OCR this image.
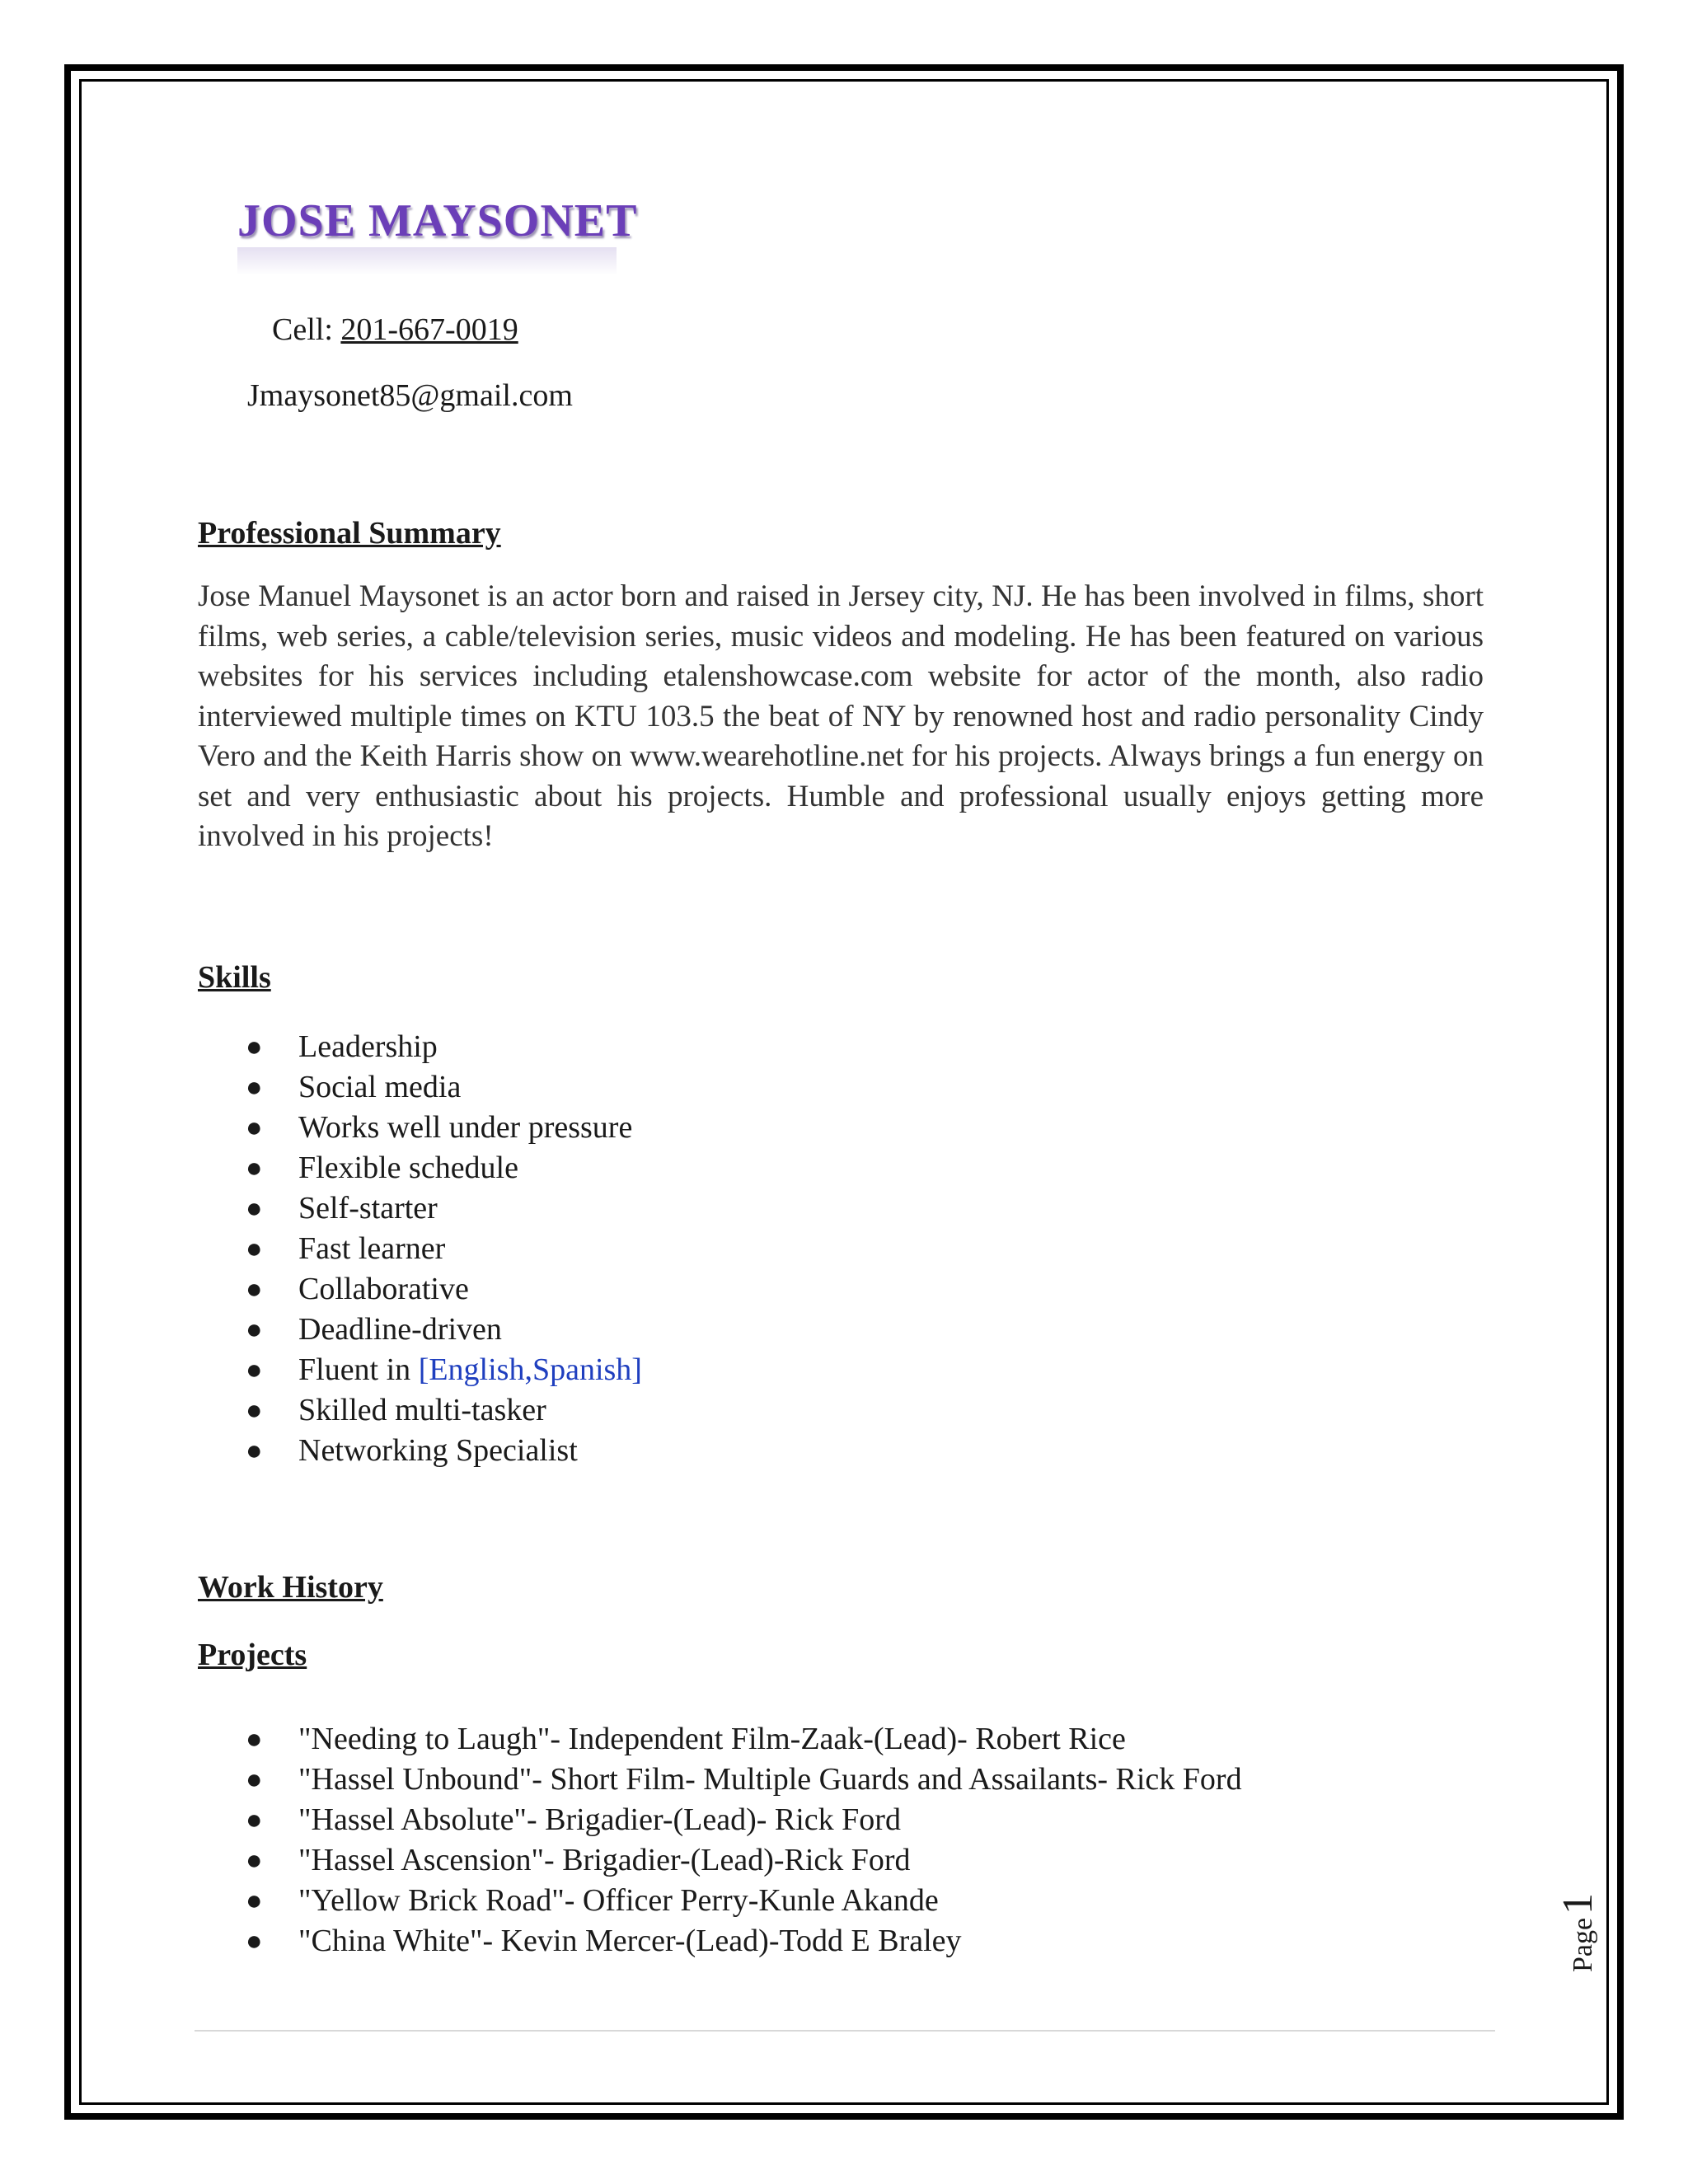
JOSE MAYSONET
Cell: 201-667-0019
Jmaysonet85@gmail.com
Professional Summary
Jose Manuel Maysonet is an actor born and raised in Jersey city, NJ. He has been involved in films, short films, web series, a cable/television series, music videos and modeling. He has been featured on various websites for his services including etalenshowcase.com website for actor of the month, also radio interviewed multiple times on KTU 103.5 the beat of NY by renowned host and radio personality Cindy Vero and the Keith Harris show on www.wearehotline.net for his projects. Always brings a fun energy on set and very enthusiastic about his projects. Humble and professional usually enjoys getting more involved in his projects!
Skills
● Leadership
● Social media
● Works well under pressure
● Flexible schedule
● Self-starter
● Fast learner
● Collaborative
● Deadline-driven
● Fluent in [English,Spanish]
● Skilled multi-tasker
● Networking Specialist
Work History
Projects
● "Needing to Laugh"- Independent Film-Zaak-(Lead)- Robert Rice
● "Hassel Unbound"- Short Film- Multiple Guards and Assailants- Rick Ford
● "Hassel Absolute"- Brigadier-(Lead)- Rick Ford
● "Hassel Ascension"- Brigadier-(Lead)-Rick Ford
● "Yellow Brick Road"- Officer Perry-Kunle Akande
● "China White"- Kevin Mercer-(Lead)-Todd E Braley	Page
1
